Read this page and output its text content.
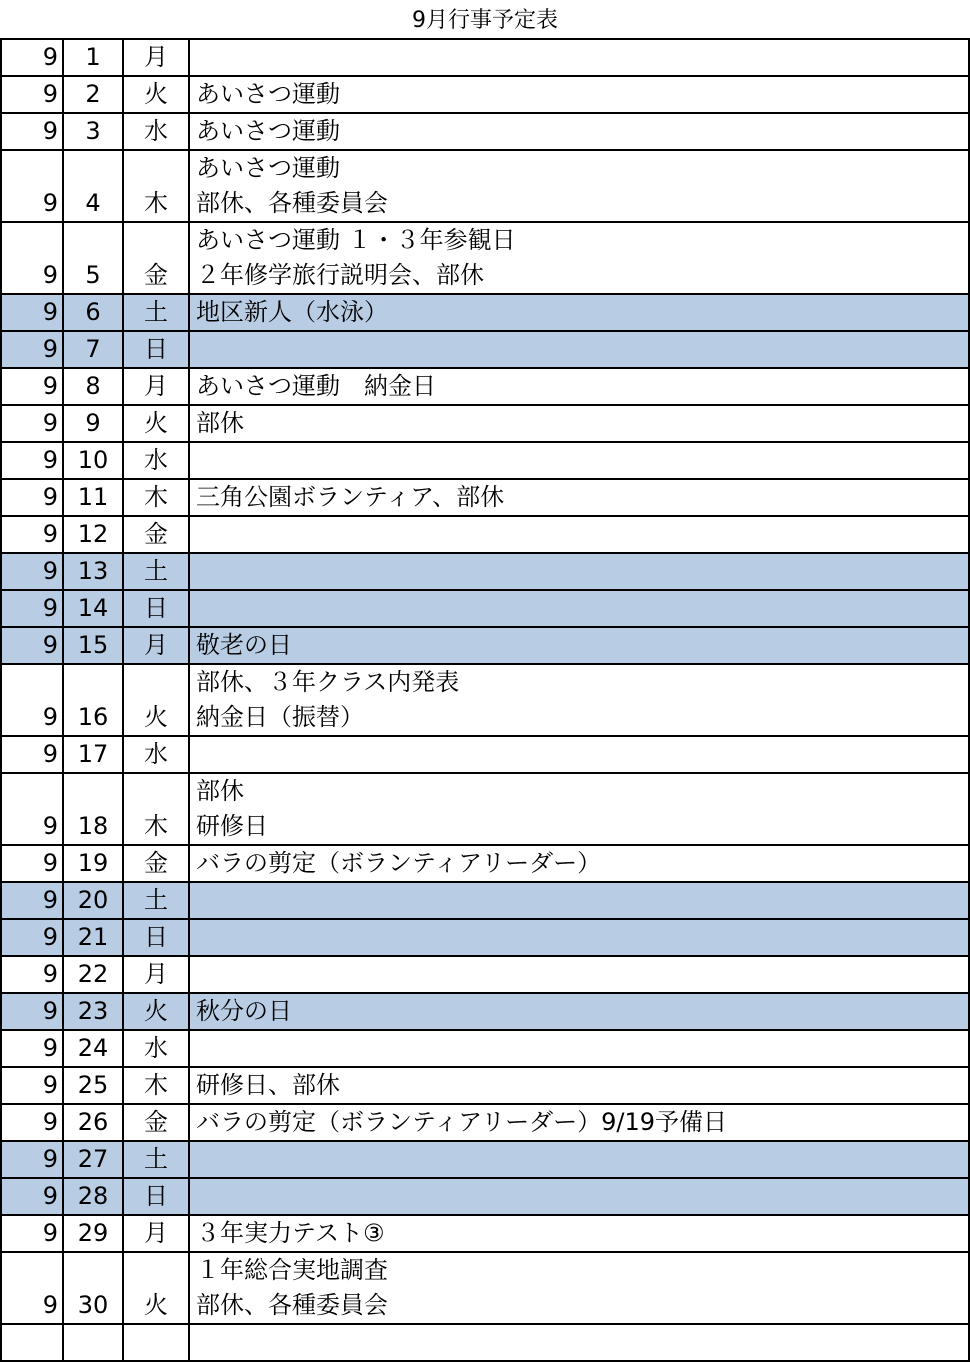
9月行事予定表
9	1	月	
9	2	火	あいさつ運動
9	3	水	あいさつ運動
9	4	木	あいさつ運動
部休、各種委員会
9	5	金	あいさつ運動 １・３年参観日
２年修学旅行説明会、部休
9	6	土	地区新人（水泳）
9	7	日	
9	8	月	あいさつ運動　納金日
9	9	火	部休
9	10	水	
9	11	木	三角公園ボランティア、部休
9	12	金	
9	13	土	
9	14	日	
9	15	月	敬老の日
9	16	火	部休、３年クラス内発表
納金日（振替）
9	17	水	
9	18	木	部休
研修日
9	19	金	バラの剪定（ボランティアリーダー）
9	20	土	
9	21	日	
9	22	月	
9	23	火	秋分の日
9	24	水	
9	25	木	研修日、部休
9	26	金	バラの剪定（ボランティアリーダー）9/19予備日
9	27	土	
9	28	日	
9	29	月	３年実力テスト③
9	30	火	１年総合実地調査
部休、各種委員会
